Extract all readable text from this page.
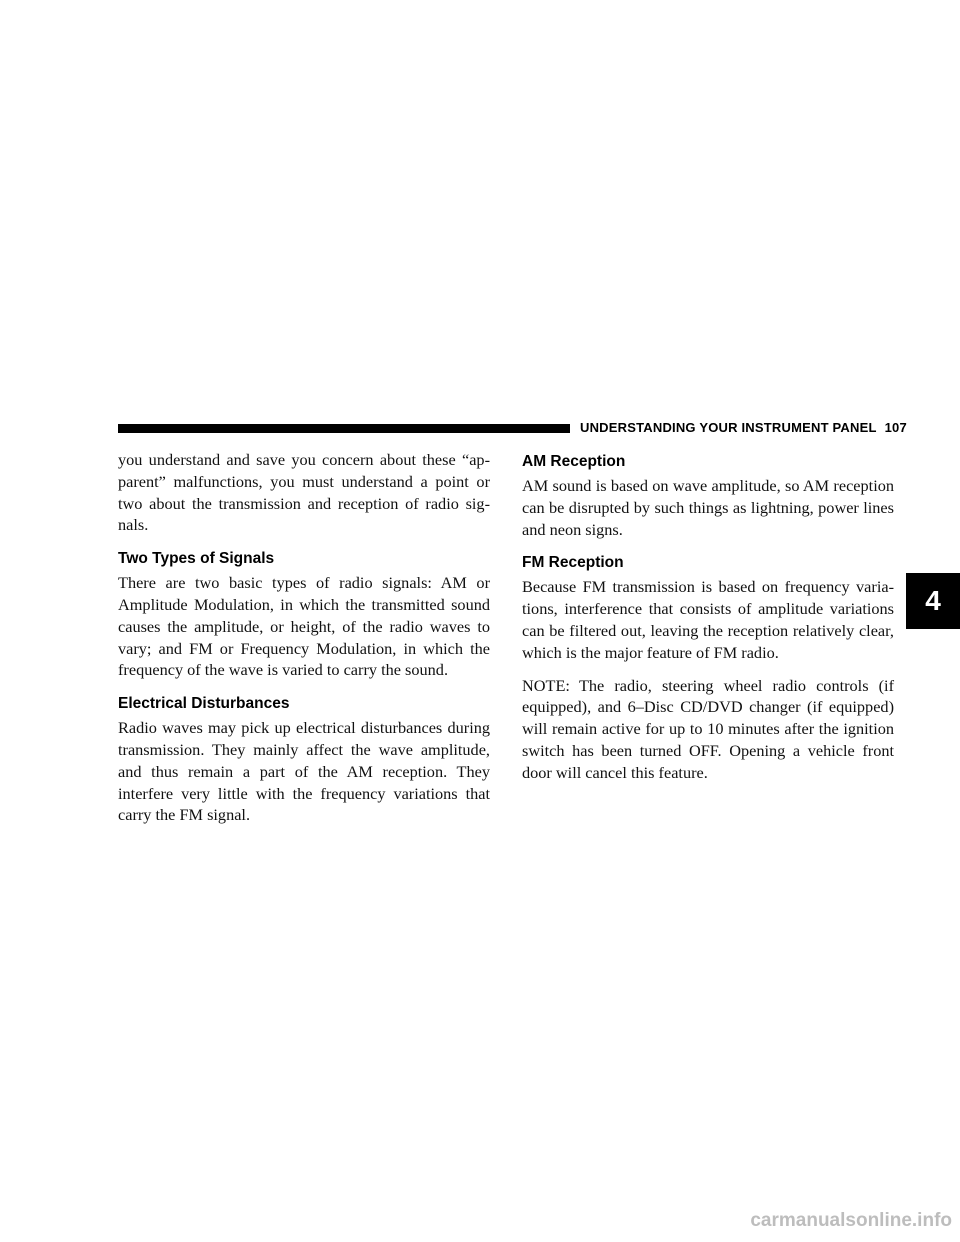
UNDERSTANDING YOUR INSTRUMENT PANEL 107

you understand and save you concern about these “ap-parent” malfunctions, you must understand a point or two about the transmission and reception of radio sig-nals.

Two Types of Signals

There are two basic types of radio signals: AM or Amplitude Modulation, in which the transmitted sound causes the amplitude, or height, of the radio waves to vary; and FM or Frequency Modulation, in which the frequency of the wave is varied to carry the sound.

Electrical Disturbances

Radio waves may pick up electrical disturbances during transmission. They mainly affect the wave amplitude, and thus remain a part of the AM reception. They interfere very little with the frequency variations that carry the FM signal.

AM Reception

AM sound is based on wave amplitude, so AM reception can be disrupted by such things as lightning, power lines and neon signs.

FM Reception

Because FM transmission is based on frequency varia-tions, interference that consists of amplitude variations can be filtered out, leaving the reception relatively clear, which is the major feature of FM radio.

NOTE: The radio, steering wheel radio controls (if equipped), and 6–Disc CD/DVD changer (if equipped) will remain active for up to 10 minutes after the ignition switch has been turned OFF. Opening a vehicle front door will cancel this feature.

4
carmanualsonline.info
